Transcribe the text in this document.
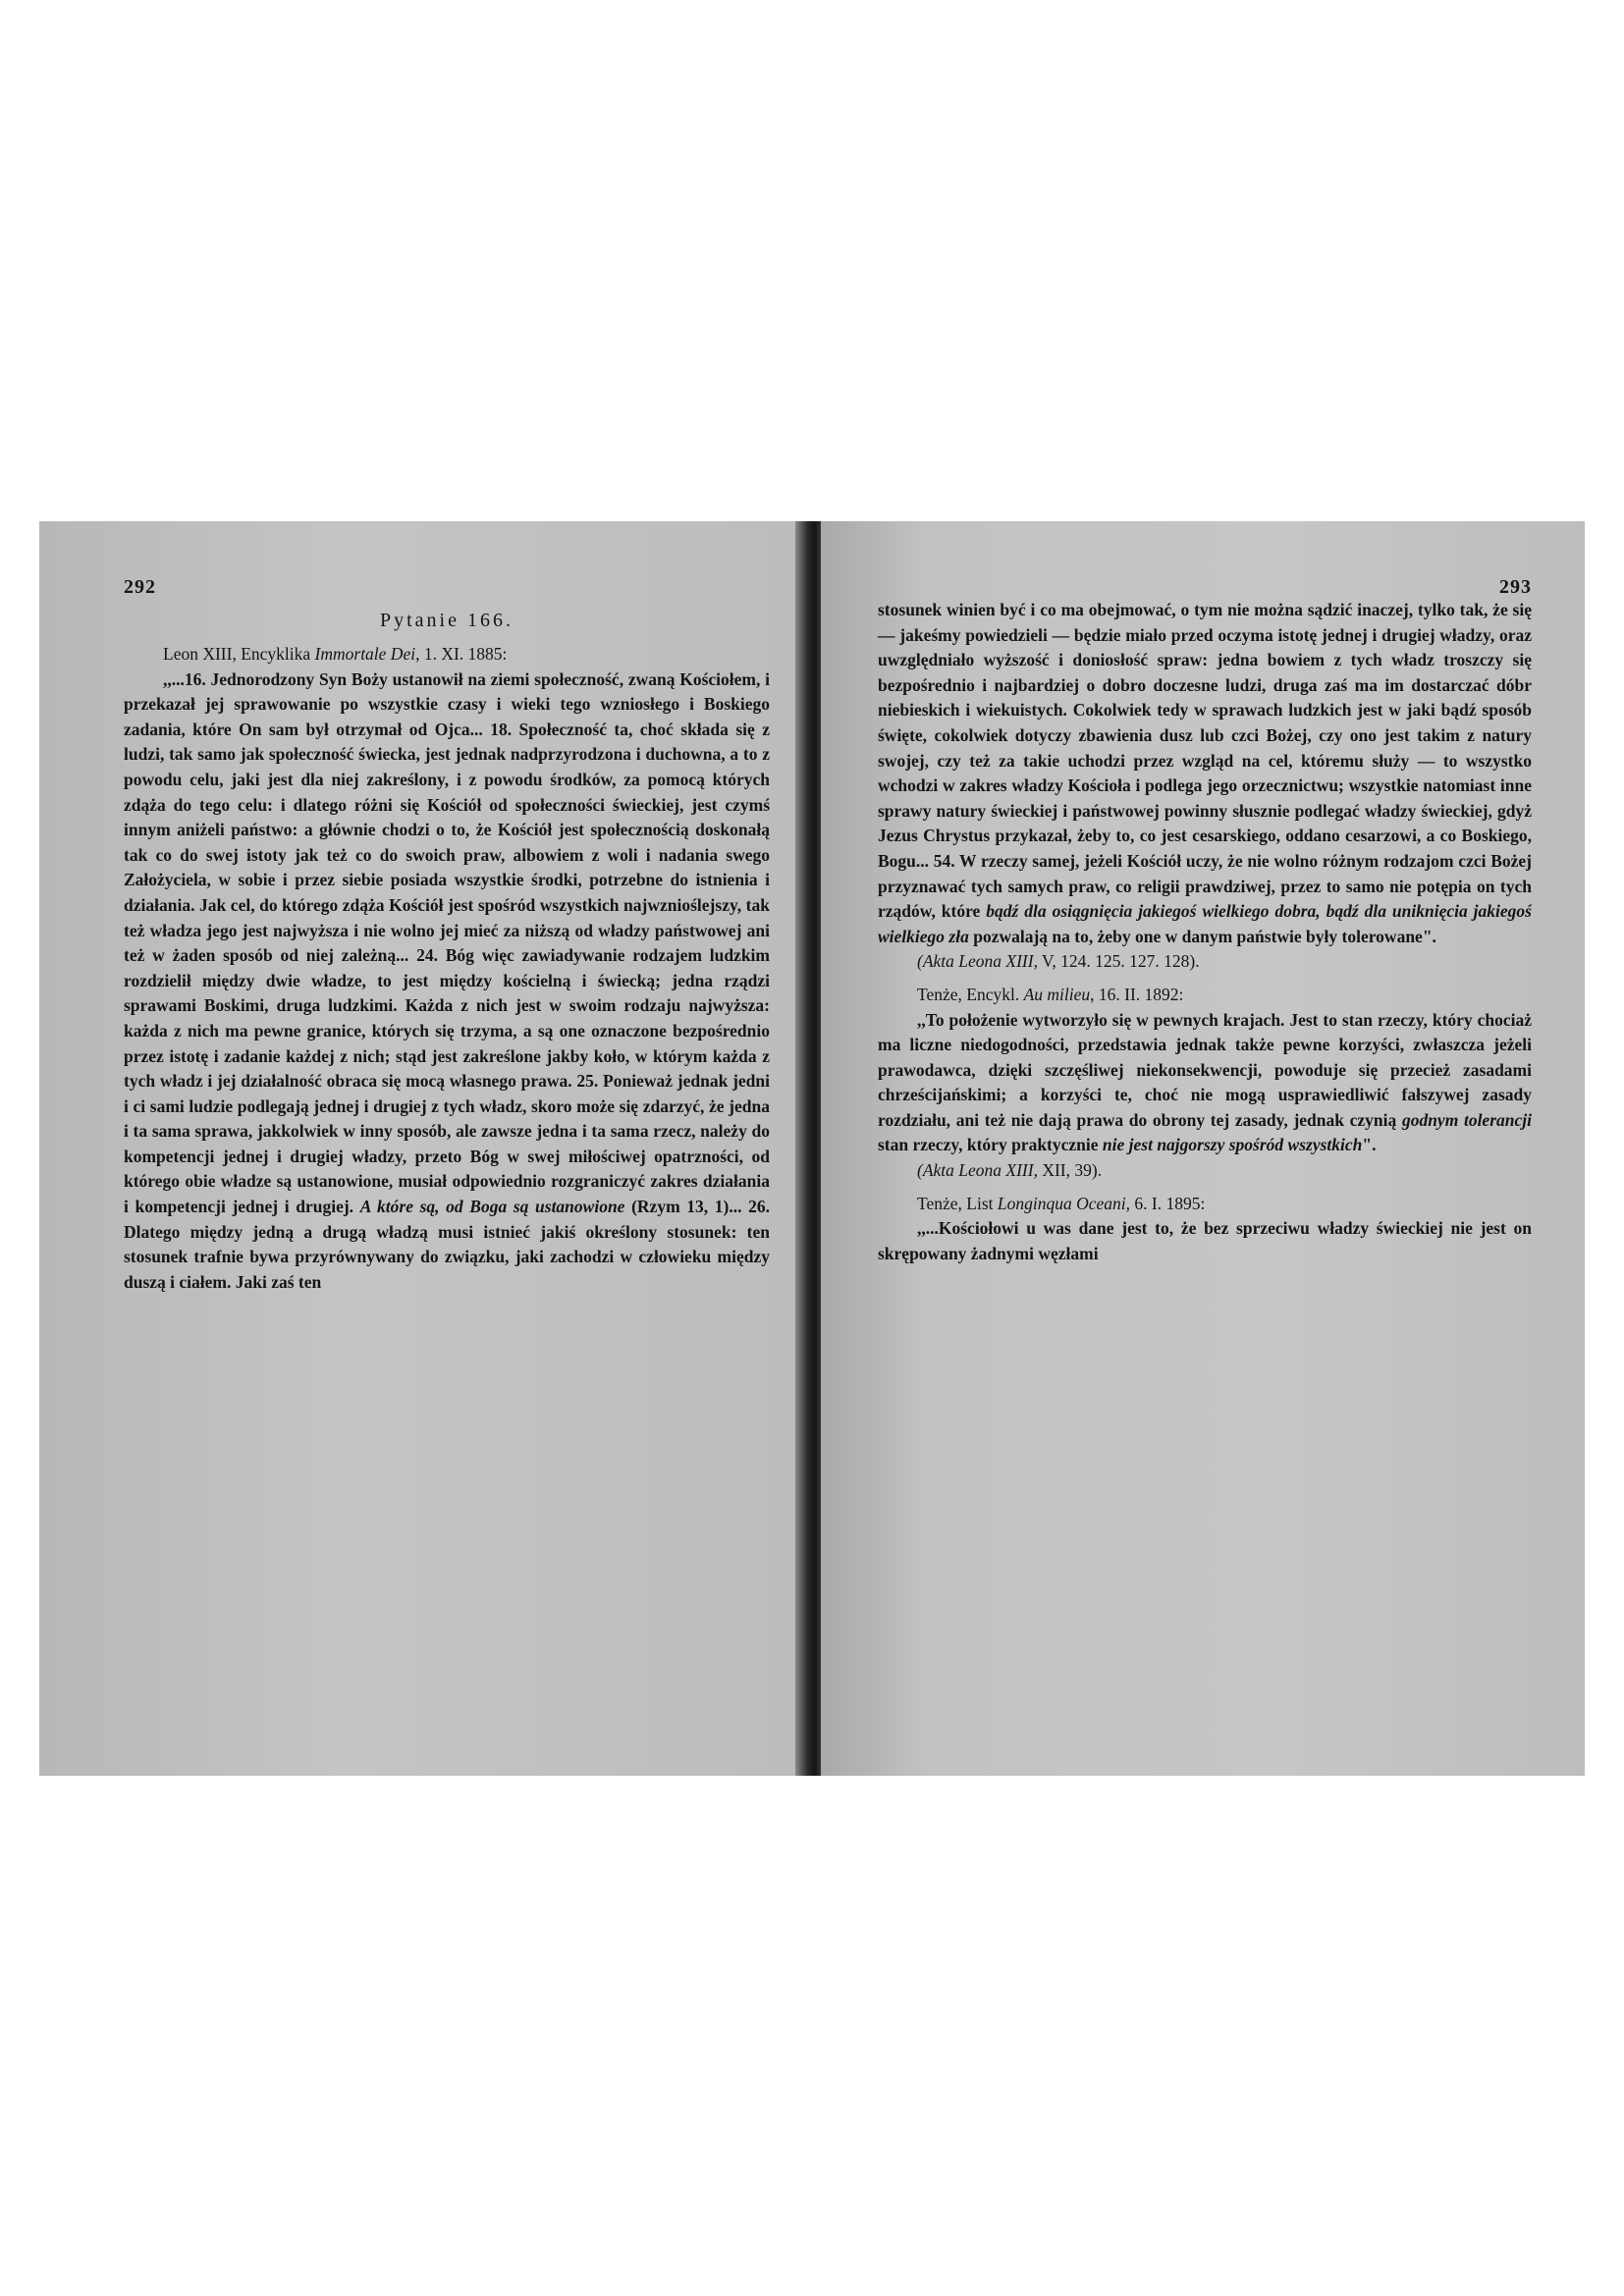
292
Pytanie 166.

Leon XIII, Encyklika Immortale Dei, 1. XI. 1885:

,,...16. Jednorodzony Syn Boży ustanowił na ziemi społeczność, zwaną Kościołem, i przekazał jej sprawowanie po wszystkie czasy i wieki tego wzniosłego i Boskiego zadania, które On sam był otrzymał od Ojca... 18. Społeczność ta, choć składa się z ludzi, tak samo jak społeczność świecka, jest jednak nadprzyrodzona i duchowna, a to z powodu celu, jaki jest dla niej zakreślony, i z powodu środków, za pomocą których zdąża do tego celu: i dlatego różni się Kościół od społeczności świeckiej, jest czymś innym aniżeli państwo: a głównie chodzi o to, że Kościół jest społecznością doskonałą tak co do swej istoty jak też co do swoich praw, albowiem z woli i nadania swego Założyciela, w sobie i przez siebie posiada wszystkie środki, potrzebne do istnienia i działania. Jak cel, do którego zdąża Kościół jest spośród wszystkich najwznioślejszy, tak też władza jego jest najwyższa i nie wolno jej mieć za niższą od władzy państwowej ani też w żaden sposób od niej zależną... 24. Bóg więc zawiadywanie rodzajem ludzkim rozdzielił między dwie władze, to jest między kościelną i świecką; jedna rządzi sprawami Boskimi, druga ludzkimi. Każda z nich jest w swoim rodzaju najwyższa: każda z nich ma pewne granice, których się trzyma, a są one oznaczone bezpośrednio przez istotę i zadanie każdej z nich; stąd jest zakreślone jakby koło, w którym każda z tych władz i jej działalność obraca się mocą własnego prawa. 25. Ponieważ jednak jedni i ci sami ludzie podlegają jednej i drugiej z tych władz, skoro może się zdarzyć, że jedna i ta sama sprawa, jakkolwiek w inny sposób, ale zawsze jedna i ta sama rzecz, należy do kompetencji jednej i drugiej władzy, przeto Bóg w swej miłościwej opatrzności, od którego obie władze są ustanowione, musiał odpowiednio rozgraniczyć zakres działania i kompetencji jednej i drugiej. A które są, od Boga są ustanowione (Rzym 13, 1)... 26. Dlatego między jedną a drugą władzą musi istnieć jakiś określony stosunek: ten stosunek trafnie bywa przyrównywany do związku, jaki zachodzi w człowieku między duszą i ciałem. Jaki zaś ten

293

stosunek winien być i co ma obejmować, o tym nie można sądzić inaczej, tylko tak, że się — jakeśmy powiedzieli — będzie miało przed oczyma istotę jednej i drugiej władzy, oraz uwzględniało wyższość i doniosłość spraw: jedna bowiem z tych władz troszczy się bezpośrednio i najbardziej o dobro doczesne ludzi, druga zaś ma im dostarczać dóbr niebieskich i wiekuistych. Cokolwiek tedy w sprawach ludzkich jest w jaki bądź sposób święte, cokolwiek dotyczy zbawienia dusz lub czci Bożej, czy ono jest takim z natury swojej, czy też za takie uchodzi przez wzgląd na cel, któremu służy — to wszystko wchodzi w zakres władzy Kościoła i podlega jego orzecznictwu; wszystkie natomiast inne sprawy natury świeckiej i państwowej powinny słusznie podlegać władzy świeckiej, gdyż Jezus Chrystus przykazał, żeby to, co jest cesarskiego, oddano cesarzowi, a co Boskiego, Bogu... 54. W rzeczy samej, jeżeli Kościół uczy, że nie wolno różnym rodzajom czci Bożej przyznawać tych samych praw, co religii prawdziwej, przez to samo nie potępia on tych rządów, które bądź dla osiągnięcia jakiegoś wielkiego dobra, bądź dla uniknięcia jakiegoś wielkiego zła pozwalają na to, żeby one w danym państwie były tolerowane".

(Akta Leona XIII, V, 124. 125. 127. 128).

Tenże, Encykl. Au milieu, 16. II. 1892:

,,To położenie wytworzyło się w pewnych krajach. Jest to stan rzeczy, który chociaż ma liczne niedogodności, przedstawia jednak także pewne korzyści, zwłaszcza jeżeli prawodawca, dzięki szczęśliwej niekonsekwencji, powoduje się przecież zasadami chrześcijańskimi; a korzyści te, choć nie mogą usprawiedliwić fałszywej zasady rozdziału, ani też nie dają prawa do obrony tej zasady, jednak czynią godnym tolerancji stan rzeczy, który praktycznie nie jest najgorszy spośród wszystkich".

(Akta Leona XIII, XII, 39).

Tenże, List Longinqua Oceani, 6. I. 1895:

,,...Kościołowi u was dane jest to, że bez sprzeciwu władzy świeckiej nie jest on skrępowany żadnymi węzłami
